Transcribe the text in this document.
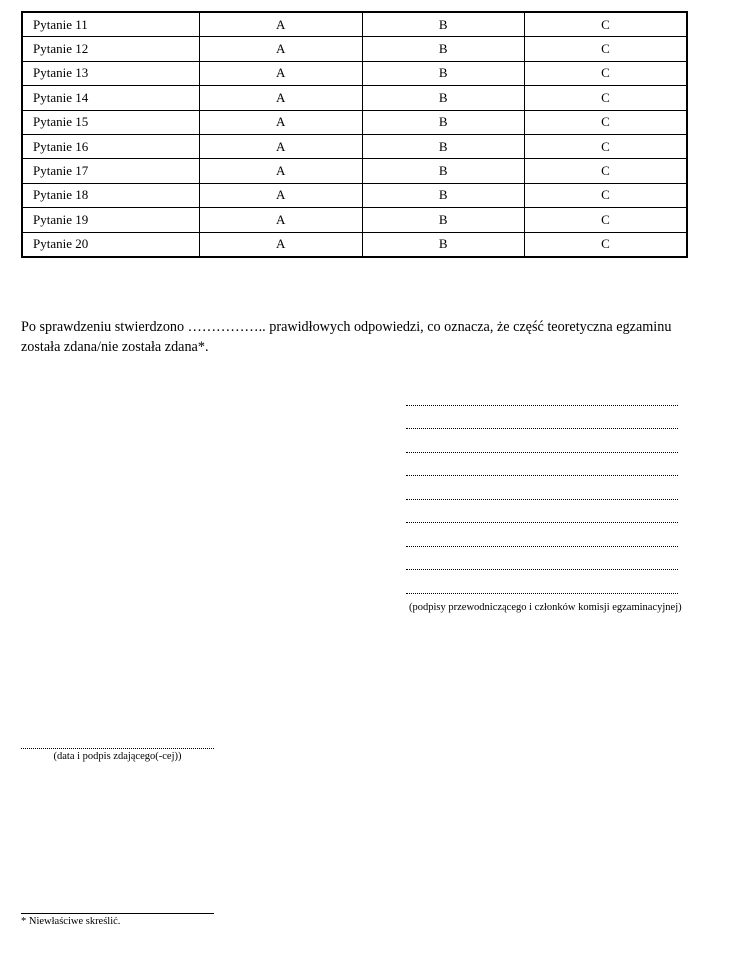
Pytanie 11	A	B	C
Pytanie 12	A	B	C
Pytanie 13	A	B	C
Pytanie 14	A	B	C
Pytanie 15	A	B	C
Pytanie 16	A	B	C
Pytanie 17	A	B	C
Pytanie 18	A	B	C
Pytanie 19	A	B	C
Pytanie 20	A	B	C

Po sprawdzeniu stwierdzono …………….. prawidłowych odpowiedzi, co oznacza, że część teoretyczna egzaminu

została zdana/nie została zdana*.

(podpisy przewodniczącego i członków komisji egzaminacyjnej)
(data i podpis zdającego(-cej))
* Niewłaściwe skreślić.
